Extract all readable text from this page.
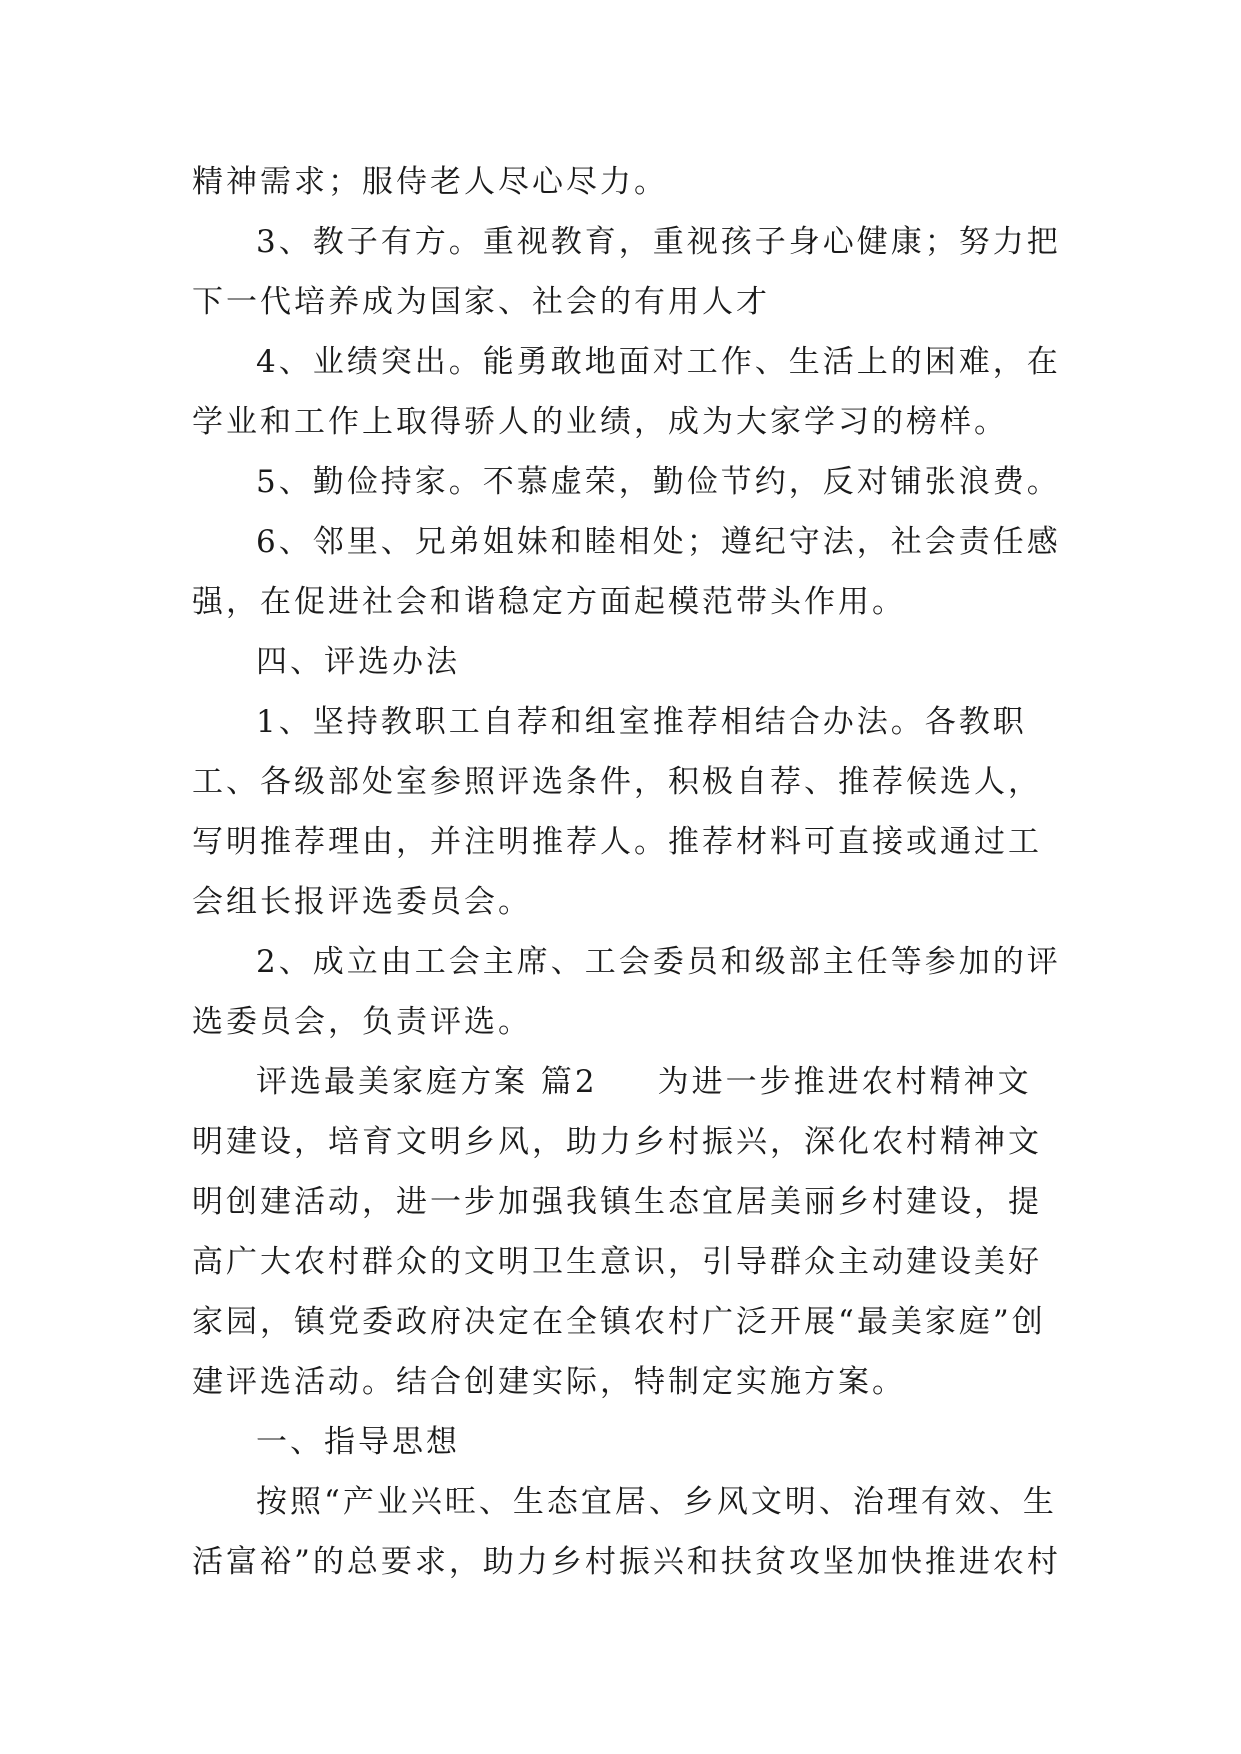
精神需求；服侍老人尽心尽力。

3、教子有方。重视教育，重视孩子身心健康；努力把下一代培养成为国家、社会的有用人才

4、业绩突出。能勇敢地面对工作、生活上的困难，在学业和工作上取得骄人的业绩，成为大家学习的榜样。

5、勤俭持家。不慕虚荣，勤俭节约，反对铺张浪费。

6、邻里、兄弟姐妹和睦相处；遵纪守法，社会责任感强，在促进社会和谐稳定方面起模范带头作用。

四、评选办法

1、坚持教职工自荐和组室推荐相结合办法。各教职工、各级部处室参照评选条件，积极自荐、推荐候选人，写明推荐理由，并注明推荐人。推荐材料可直接或通过工会组长报评选委员会。

2、成立由工会主席、工会委员和级部主任等参加的评选委员会，负责评选。

评选最美家庭方案 篇2 为进一步推进农村精神文明建设，培育文明乡风，助力乡村振兴，深化农村精神文明创建活动，进一步加强我镇生态宜居美丽乡村建设，提高广大农村群众的文明卫生意识，引导群众主动建设美好家园，镇党委政府决定在全镇农村广泛开展“最美家庭”创建评选活动。结合创建实际，特制定实施方案。

一、指导思想

按照“产业兴旺、生态宜居、乡风文明、治理有效、生活富裕”的总要求，助力乡村振兴和扶贫攻坚加快推进农村
